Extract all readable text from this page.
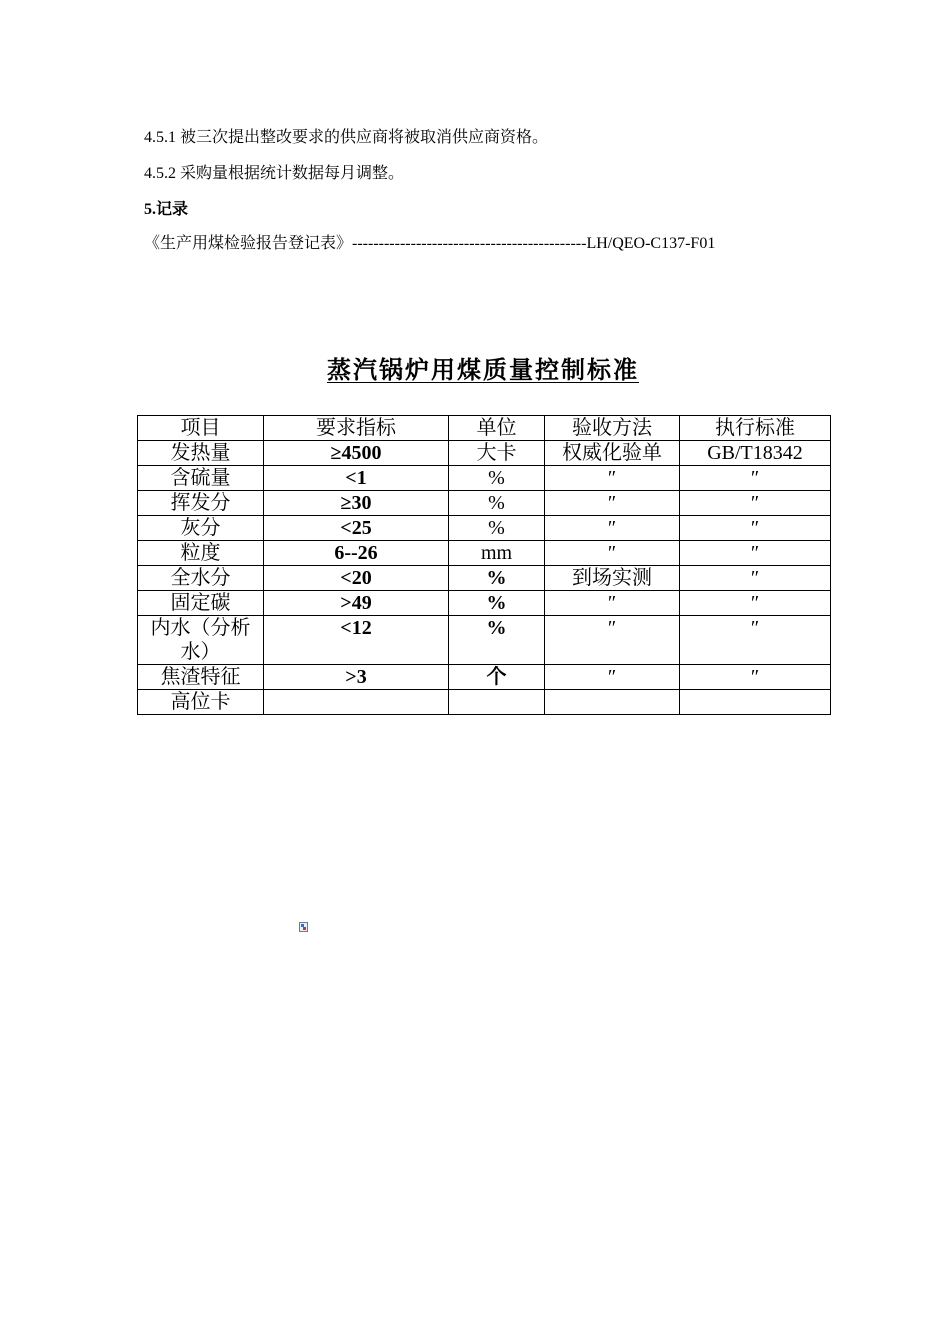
4.5.1 被三次提出整改要求的供应商将被取消供应商资格。
4.5.2 采购量根据统计数据每月调整。
5.记录
《生产用煤检验报告登记表》--------------------------------------------LH/QEO-C137-F01
蒸汽锅炉用煤质量控制标准
项目	要求指标	单位	验收方法	执行标准
发热量	≥4500	大卡	权威化验单	GB/T18342
含硫量	<1	%	″	″
挥发分	≥30	%	″	″
灰分	<25	%	″	″
粒度	6--26	mm	″	″
全水分	<20	%	到场实测	″
固定碳	>49	%	″	″
内水（分析水）	<12	%	″	″
焦渣特征	>3	个	″	″
高位卡				
